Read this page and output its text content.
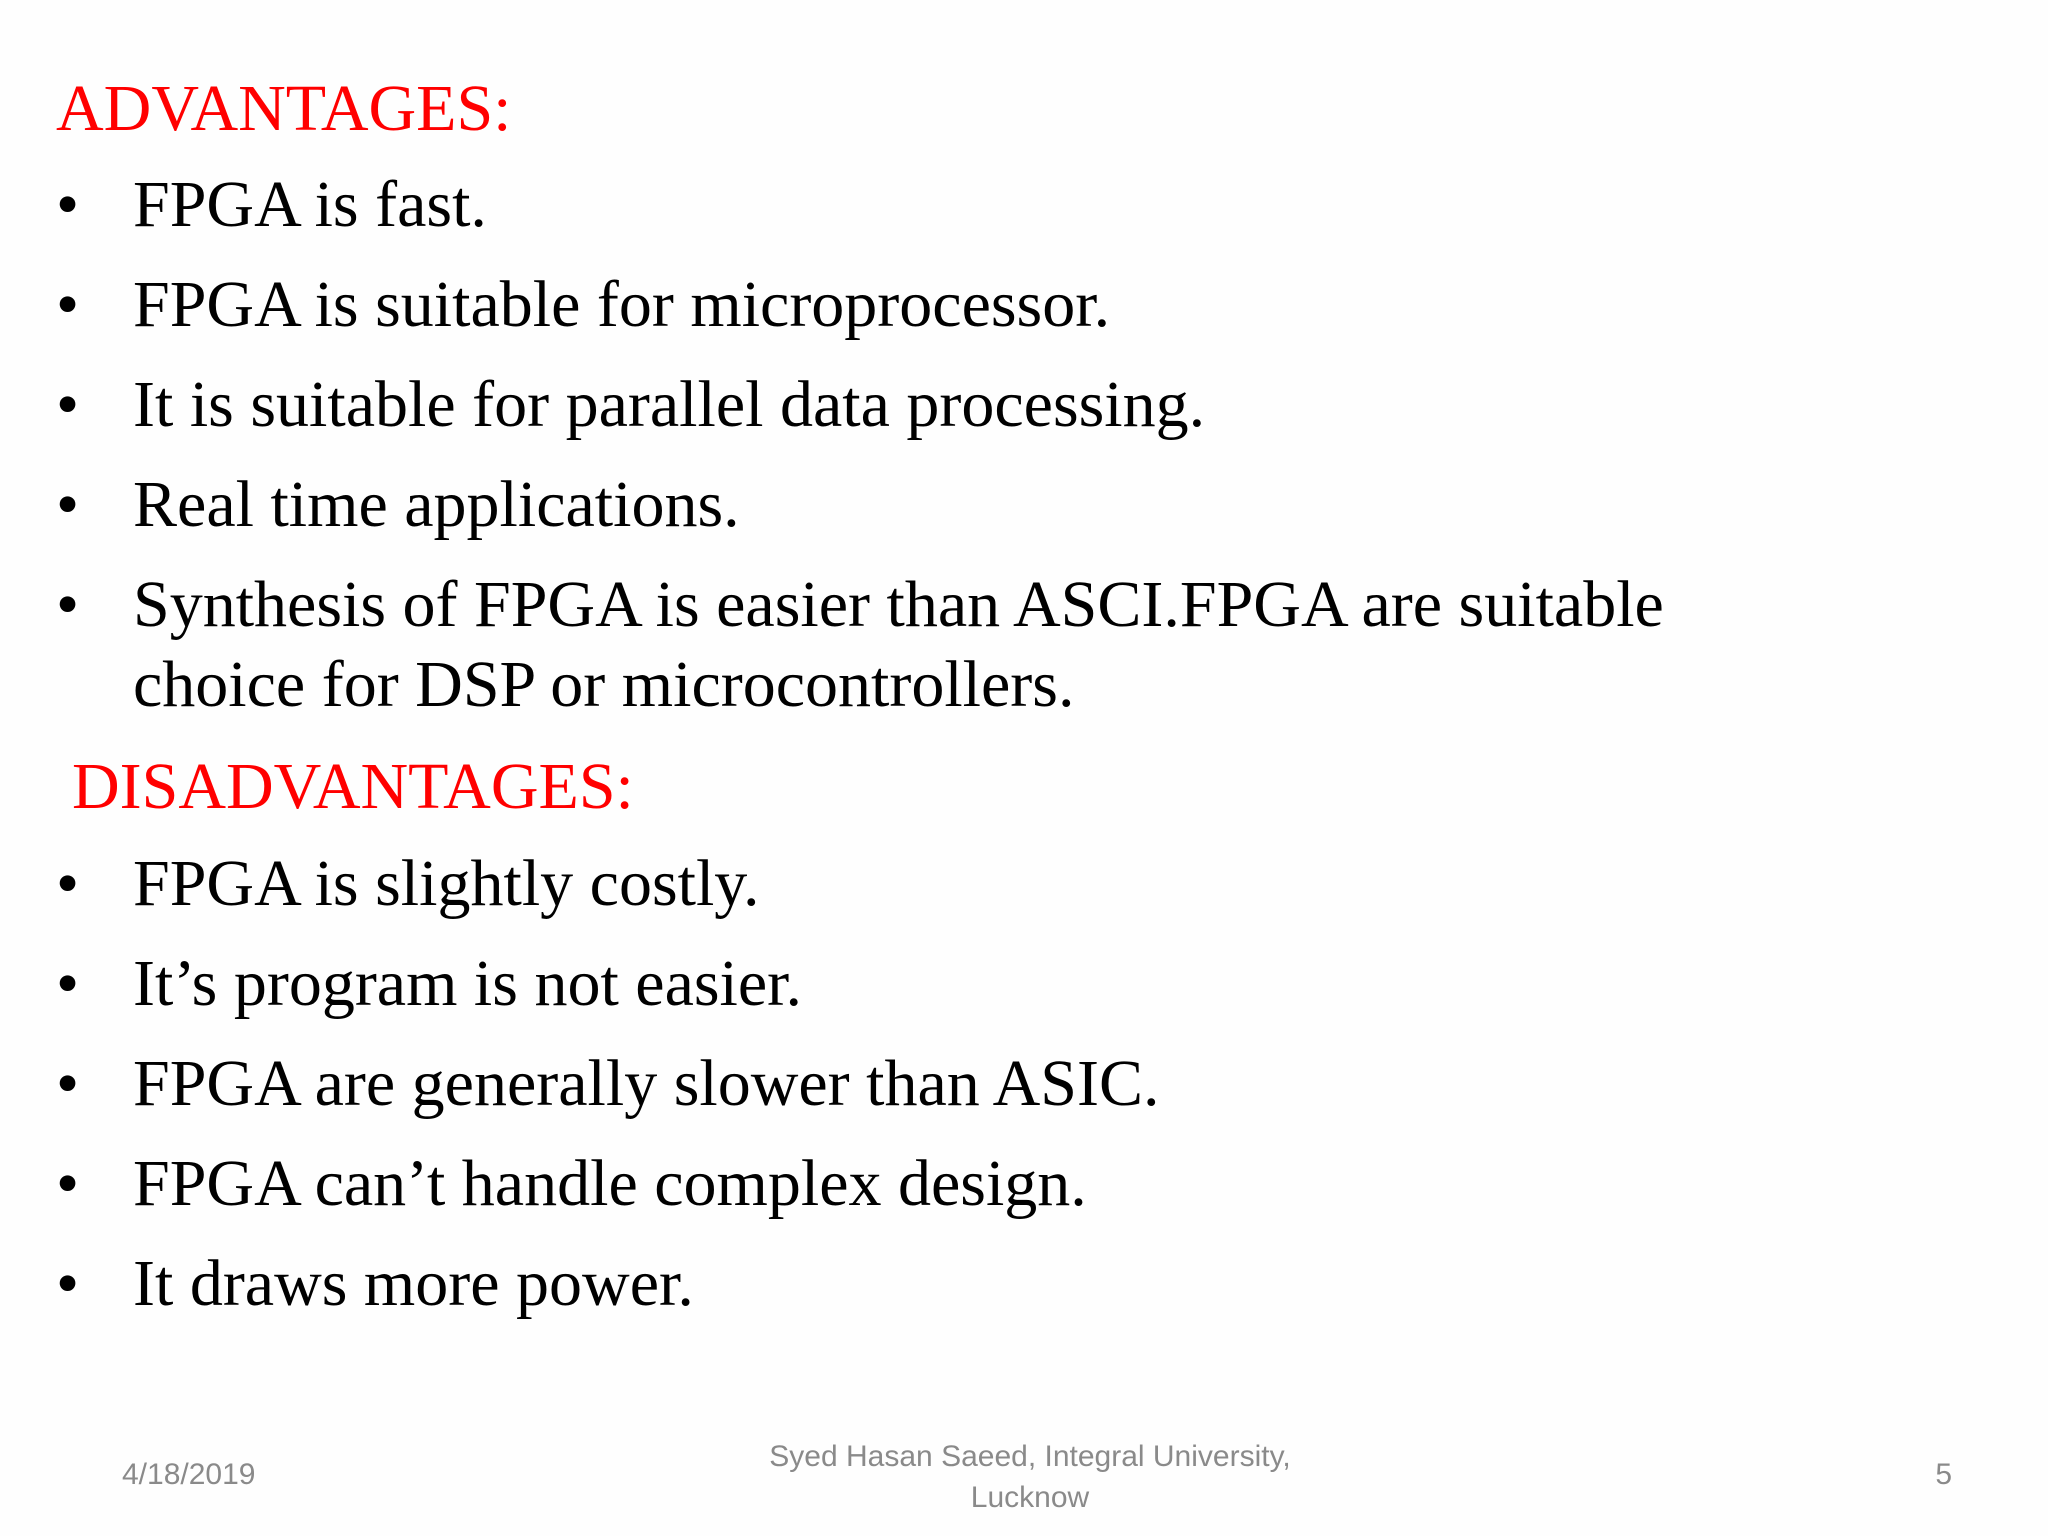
ADVANTAGES:
• FPGA is fast.
• FPGA is suitable for microprocessor.
• It is suitable for parallel data processing.
• Real time applications.
• Synthesis of FPGA is easier than ASCI.FPGA are suitable choice for DSP or microcontrollers.
DISADVANTAGES:
• FPGA is slightly costly.
• It’s program is not easier.
• FPGA are generally slower than ASIC.
• FPGA can’t handle complex design.
• It draws more power.
4/18/2019
Syed Hasan Saeed, Integral University,
Lucknow
5
